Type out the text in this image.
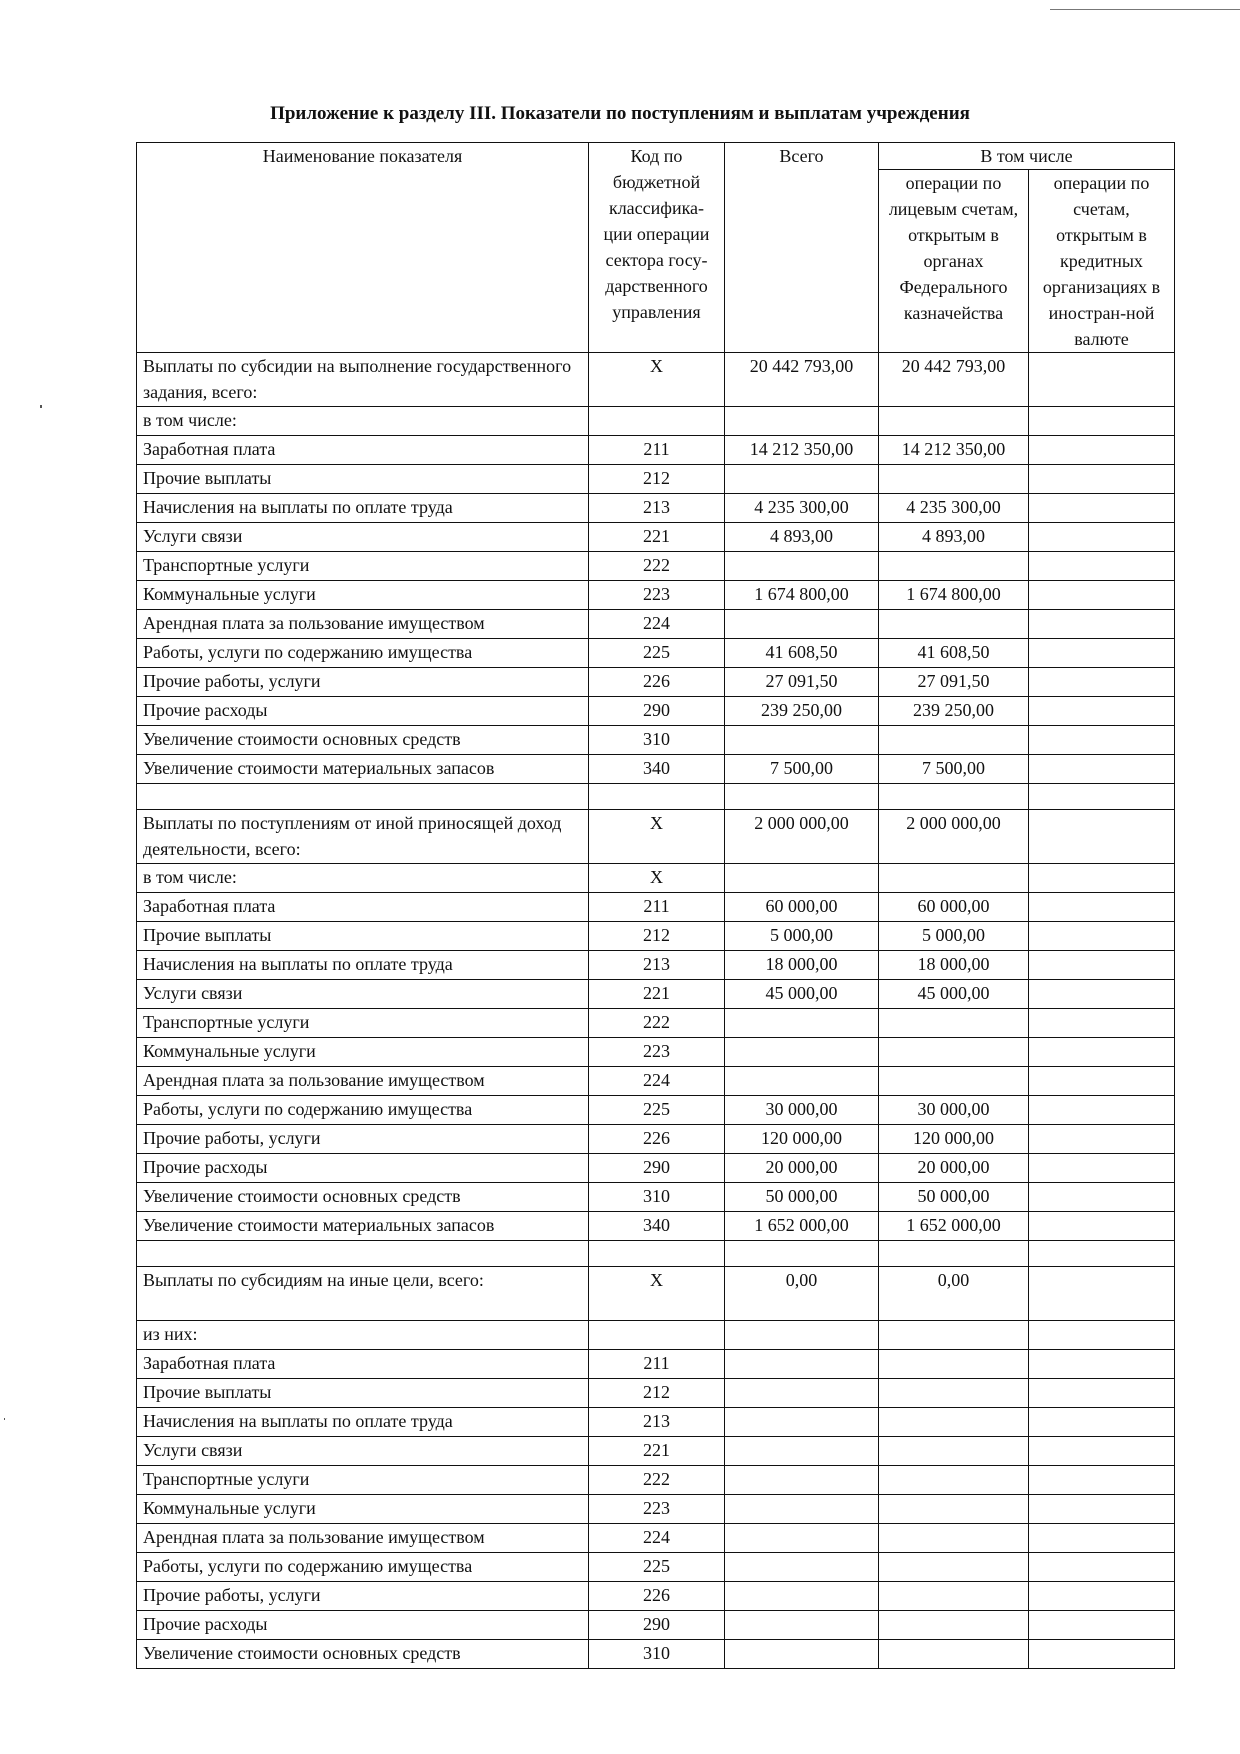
Приложение к разделу III. Показатели по поступлениям и выплатам учреждения
Наименование показателя	Код по бюджетной классифика-ции операции сектора госу-дарственного управления	Всего	В том числе	
			операции по лицевым счетам, открытым в органах Федерального казначейства	операции по счетам, открытым в кредитных организациях в иностран-ной валюте
Выплаты по субсидии на выполнение государственного задания, всего:	X	20 442 793,00	20 442 793,00	
в том числе:				
Заработная плата	211	14 212 350,00	14 212 350,00	
Прочие выплаты	212			
Начисления на выплаты по оплате труда	213	4 235 300,00	4 235 300,00	
Услуги связи	221	4 893,00	4 893,00	
Транспортные услуги	222			
Коммунальные услуги	223	1 674 800,00	1 674 800,00	
Арендная плата за пользование имуществом	224			
Работы, услуги по содержанию имущества	225	41 608,50	41 608,50	
Прочие работы, услуги	226	27 091,50	27 091,50	
Прочие расходы	290	239 250,00	239 250,00	
Увеличение стоимости основных средств	310			
Увеличение стоимости материальных запасов	340	7 500,00	7 500,00	

Выплаты по поступлениям от иной приносящей доход деятельности, всего:	X	2 000 000,00	2 000 000,00	
в том числе:	X			
Заработная плата	211	60 000,00	60 000,00	
Прочие выплаты	212	5 000,00	5 000,00	
Начисления на выплаты по оплате труда	213	18 000,00	18 000,00	
Услуги связи	221	45 000,00	45 000,00	
Транспортные услуги	222			
Коммунальные услуги	223			
Арендная плата за пользование имуществом	224			
Работы, услуги по содержанию имущества	225	30 000,00	30 000,00	
Прочие работы, услуги	226	120 000,00	120 000,00	
Прочие расходы	290	20 000,00	20 000,00	
Увеличение стоимости основных средств	310	50 000,00	50 000,00	
Увеличение стоимости материальных запасов	340	1 652 000,00	1 652 000,00	

Выплаты по субсидиям на иные цели, всего:	X	0,00	0,00	
из них:				
Заработная плата	211			
Прочие выплаты	212			
Начисления на выплаты по оплате труда	213			
Услуги связи	221			
Транспортные услуги	222			
Коммунальные услуги	223			
Арендная плата за пользование имуществом	224			
Работы, услуги по содержанию имущества	225			
Прочие работы, услуги	226			
Прочие расходы	290			
Увеличение стоимости основных средств	310			
